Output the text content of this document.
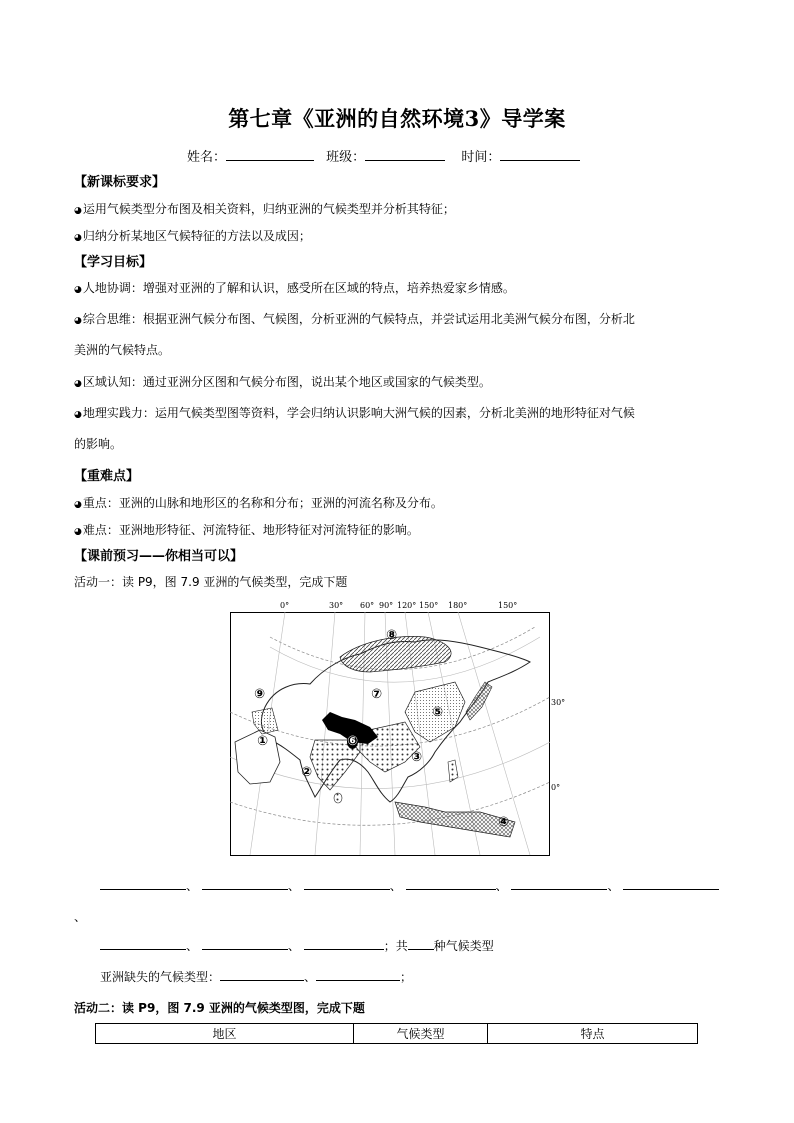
第七章《亚洲的自然环境3》导学案
姓名：	班级：	时间：
【新课标要求】
◕运用气候类型分布图及相关资料，归纳亚洲的气候类型并分析其特征；
◕归纳分析某地区气候特征的方法以及成因；
【学习目标】
◕人地协调：增强对亚洲的了解和认识，感受所在区域的特点，培养热爱家乡情感。
◕综合思维：根据亚洲气候分布图、气候图，分析亚洲的气候特点，并尝试运用北美洲气候分布图，分析北
美洲的气候特点。
◕区域认知：通过亚洲分区图和气候分布图，说出某个地区或国家的气候类型。
◕地理实践力：运用气候类型图等资料，学会归纳认识影响大洲气候的因素，分析北美洲的地形特征对气候
的影响。
【重难点】
◕重点：亚洲的山脉和地形区的名称和分布；亚洲的河流名称及分布。
◕难点：亚洲地形特征、河流特征、地形特征对河流特征的影响。
【课前预习——你相当可以】
活动一：读 P9，图 7.9 亚洲的气候类型，完成下题
0°	30° 60° 90° 120° 150° 180°	150°
⑧
⑨	⑦
⑤
①	⑥
③
②
④
30°
0°
、	、	、	、	、
、
、	、	；共 种气候类型
亚洲缺失的气候类型：	、	；
活动二：读 P9，图 7.9 亚洲的气候类型图，完成下题
地区	气候类型	特点
